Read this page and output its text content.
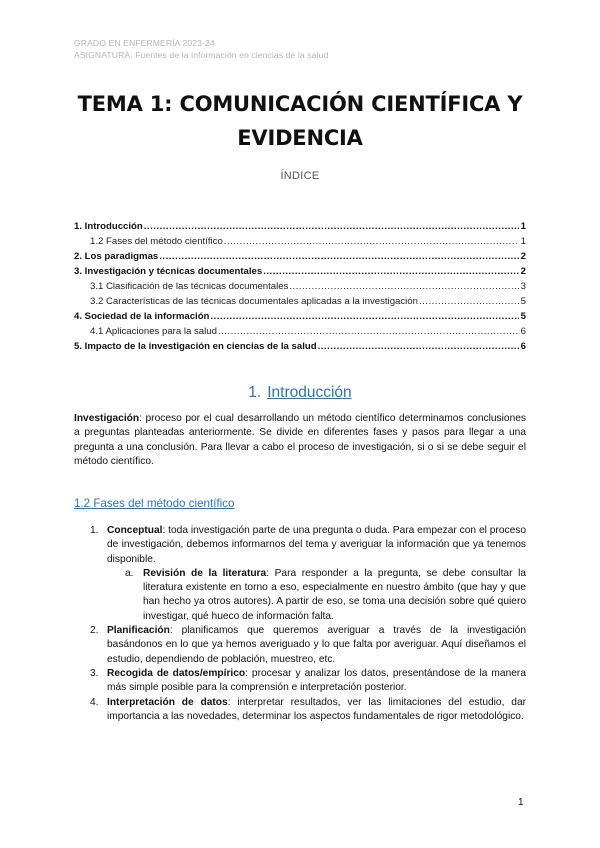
GRADO EN ENFERMERÍA 2023-24
ASIGNATURA: Fuentes de la información en ciencias de la salud
TEMA 1: COMUNICACIÓN CIENTÍFICA Y
EVIDENCIA
ÍNDICE
1. Introducción .....	1
1.2 Fases del método científico .....	1
2. Los paradigmas .....	2
3. Investigación y técnicas documentales .....	2
3.1 Clasificación de las técnicas documentales .....	3
3.2 Características de las técnicas documentales aplicadas a la investigación .....	5
4. Sociedad de la información .....	5
4.1 Aplicaciones para la salud .....	6
5. Impacto de la investigación en ciencias de la salud .....	6
1. Introducción
Investigación: proceso por el cual desarrollando un método científico determinamos conclusiones a preguntas planteadas anteriormente. Se divide en diferentes fases y pasos para llegar a una pregunta a una conclusión. Para llevar a cabo el proceso de investigación, si o si se debe seguir el método científico.
1.2 Fases del método científico
1. Conceptual: toda investigación parte de una pregunta o duda. Para empezar con el proceso de investigación, debemos informarnos del tema y averiguar la información que ya tenemos disponible.
a. Revisión de la literatura: Para responder a la pregunta, se debe consultar la literatura existente en torno a eso, especialmente en nuestro ámbito (que hay y que han hecho ya otros autores). A partir de eso, se toma una decisión sobre qué quiero investigar, qué hueco de información falta.
2. Planificación: planificamos que queremos averiguar a través de la investigación basándonos en lo que ya hemos averiguado y lo que falta por averiguar. Aquí diseñamos el estudio, dependiendo de población, muestreo, etc.
3. Recogida de datos/empírico: procesar y analizar los datos, presentándose de la manera más simple posible para la comprensión e interpretación posterior.
4. Interpretación de datos: interpretar resultados, ver las limitaciones del estudio, dar importancia a las novedades, determinar los aspectos fundamentales de rigor metodológico.
1
